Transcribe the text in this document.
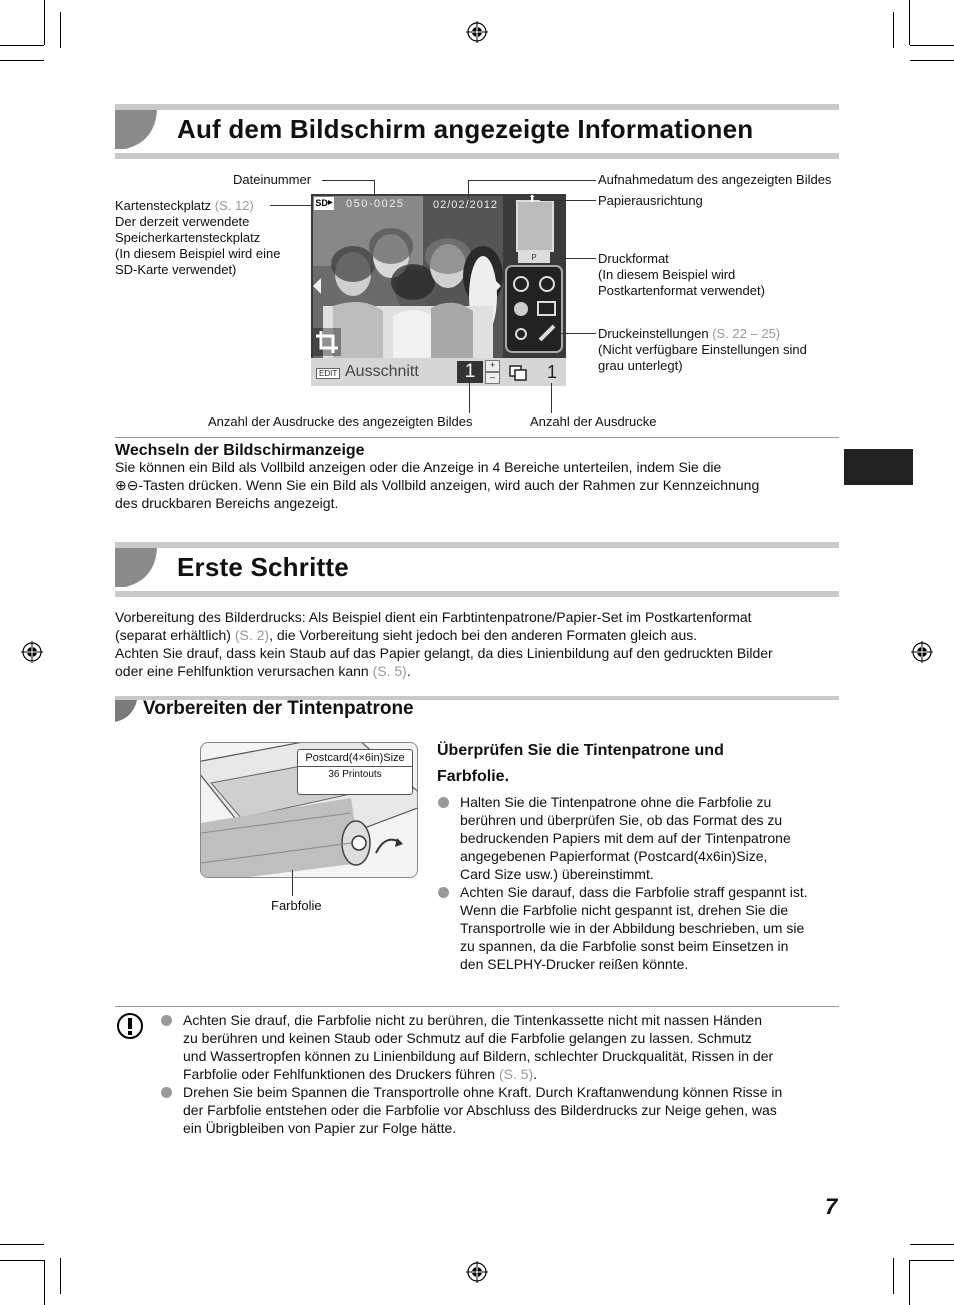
Auf dem Bildschirm angezeigte Informationen
SD▶ 050-0025	02/02/2012	⬆
P
EDIT Ausschnitt	1	+
–	1
Dateinummer
Kartensteckplatz (S. 12)
Der derzeit verwendete
Speicherkartensteckplatz
(In diesem Beispiel wird eine
SD-Karte verwendet)
Aufnahmedatum des angezeigten Bildes
Papierausrichtung
Druckformat
(In diesem Beispiel wird
Postkartenformat verwendet)
Druckeinstellungen (S. 22 – 25)
(Nicht verfügbare Einstellungen sind
grau unterlegt)
Anzahl der Ausdrucke des angezeigten Bildes	Anzahl der Ausdrucke
Wechseln der Bildschirmanzeige
Sie können ein Bild als Vollbild anzeigen oder die Anzeige in 4 Bereiche unterteilen, indem Sie die
⊕⊖-Tasten drücken. Wenn Sie ein Bild als Vollbild anzeigen, wird auch der Rahmen zur Kennzeichnung
des druckbaren Bereichs angezeigt.
Erste Schritte
Vorbereitung des Bilderdrucks: Als Beispiel dient ein Farbtintenpatrone/Papier-Set im Postkartenformat
(separat erhältlich) (S. 2), die Vorbereitung sieht jedoch bei den anderen Formaten gleich aus.
Achten Sie drauf, dass kein Staub auf das Papier gelangt, da dies Linienbildung auf den gedruckten Bilder
oder eine Fehlfunktion verursachen kann (S. 5).
Vorbereiten der Tintenpatrone
Postcard(4×6in)Size
36 Printouts
Farbfolie
Überprüfen Sie die Tintenpatrone und
Farbfolie.
Halten Sie die Tintenpatrone ohne die Farbfolie zu
berühren und überprüfen Sie, ob das Format des zu
bedruckenden Papiers mit dem auf der Tintenpatrone
angegebenen Papierformat (Postcard(4x6in)Size,
Card Size usw.) übereinstimmt.
Achten Sie darauf, dass die Farbfolie straff gespannt ist.
Wenn die Farbfolie nicht gespannt ist, drehen Sie die
Transportrolle wie in der Abbildung beschrieben, um sie
zu spannen, da die Farbfolie sonst beim Einsetzen in
den SELPHY-Drucker reißen könnte.
Achten Sie drauf, die Farbfolie nicht zu berühren, die Tintenkassette nicht mit nassen Händen
zu berühren und keinen Staub oder Schmutz auf die Farbfolie gelangen zu lassen. Schmutz
und Wassertropfen können zu Linienbildung auf Bildern, schlechter Druckqualität, Rissen in der
Farbfolie oder Fehlfunktionen des Druckers führen (S. 5).
Drehen Sie beim Spannen die Transportrolle ohne Kraft. Durch Kraftanwendung können Risse in
der Farbfolie entstehen oder die Farbfolie vor Abschluss des Bilderdrucks zur Neige gehen, was
ein Übrigbleiben von Papier zur Folge hätte.
7
